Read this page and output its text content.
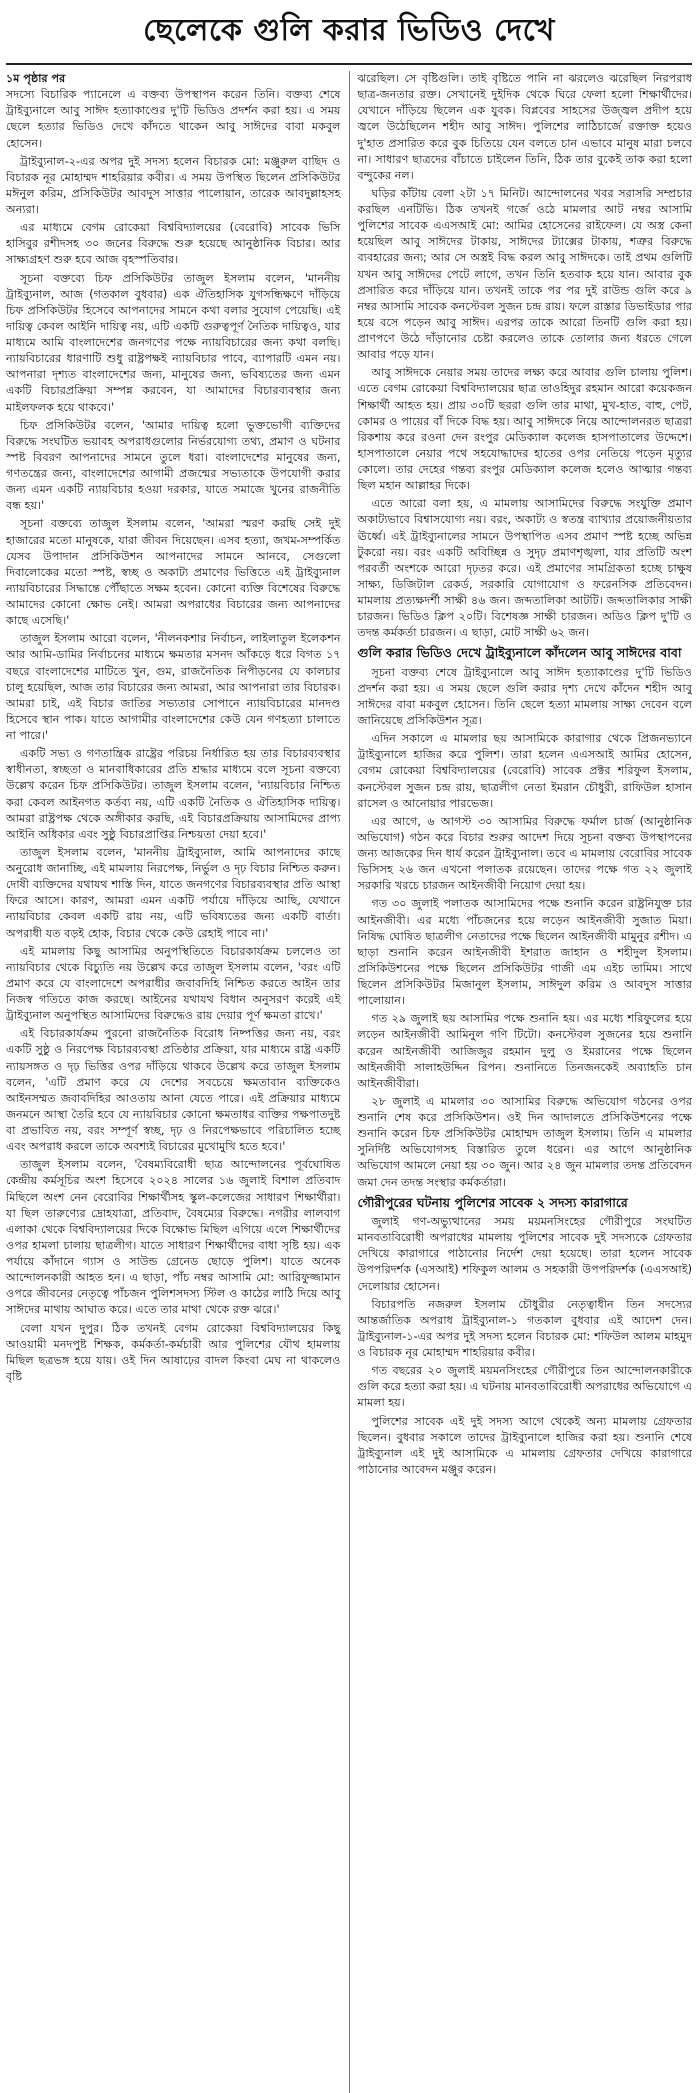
ছেলেকে গুলি করার ভিডিও দেখে

১ম পৃষ্ঠার পর
সদস্যে বিচারিক প্যানেলে এ বক্তব্য উপস্থাপন করেন তিনি। বক্তব্য শেষে ট্রাইব্যুনালে আবু সাঈদ হত্যাকাণ্ডের দু'টি ভিডিও প্রদর্শন করা হয়। এ সময় ছেলে হত্যার ভিডিও দেখে কাঁদতে থাকেন আবু সাঈদের বাবা মকবুল হোসেন।

ট্রাইব্যুনাল-২-এর অপর দুই সদস্য হলেন বিচারক মো: মঞ্জুরুল বাছিদ ও বিচারক নূর মোহাম্মদ শাহরিয়ার কবীর। এ সময় উপস্থিত ছিলেন প্রসিকিউটর মঈনুল করিম, প্রসিকিউটর আবদুস সাত্তার পালোয়ান, তারেক আবদুল্লাহসহ অন্যরা।

এর মাধ্যমে বেগম রোকেয়া বিশ্ববিদ্যালয়ের (বেরোবি) সাবেক ভিসি হাসিবুর রশীদসহ ৩০ জনের বিরুদ্ধে শুরু হয়েছে আনুষ্ঠানিক বিচার। আর সাক্ষ্যগ্রহণ শুরু হবে আজ বৃহস্পতিবার।

সূচনা বক্তব্যে চিফ প্রসিকিউটর তাজুল ইসলাম বলেন, 'মাননীয় ট্রাইব্যুনাল, আজ (গতকাল বুধবার) এক ঐতিহাসিক যুগসন্ধিক্ষণে দাঁড়িয়ে চিফ প্রসিকিউটর হিসেবে আপনাদের সামনে কথা বলার সুযোগ পেয়েছি। এই দায়িত্ব কেবল আইনি দায়িত্ব নয়, এটি একটি গুরুত্বপূর্ণ নৈতিক দায়িত্বও, যার মাধ্যমে আমি বাংলাদেশের জনগণের পক্ষে ন্যায়বিচারের জন্য কথা বলছি। ন্যায়বিচারের ধারণাটি শুধু রাষ্ট্রপক্ষই ন্যায়বিচার পাবে, ব্যাপারটি এমন নয়। আপনারা দৃশ্যত বাংলাদেশের জন্য, মানুষের জন্য, ভবিষ্যতের জন্য এমন একটি বিচারপ্রক্রিয়া সম্পন্ন করবেন, যা আমাদের বিচারব্যবস্থার জন্য মাইলফলক হয়ে থাকবে।'

চিফ প্রসিকিউটর বলেন, 'আমার দায়িত্ব হলো ভুক্তভোগী ব্যক্তিদের বিরুদ্ধে সংঘটিত ভয়াবহ অপরাধগুলোর নির্ভরযোগ্য তথ্য, প্রমাণ ও ঘটনার স্পষ্ট বিবরণ আপনাদের সামনে তুলে ধরা। বাংলাদেশের মানুষের জন্য, গণতন্ত্রের জন্য, বাংলাদেশের আগামী প্রজন্মের সভ্যতাকে উপযোগী করার জন্য এমন একটি ন্যায়বিচার হওয়া দরকার, যাতে সমাজে খুনের রাজনীতি বন্ধ হয়।'

সূচনা বক্তব্যে তাজুল ইসলাম বলেন, 'আমরা স্মরণ করছি সেই দুই হাজারের মতো মানুষকে, যারা জীবন দিয়েছেন। এসব হত্যা, জখম-সম্পর্কিত যেসব উপাদান প্রসিকিউশন আপনাদের সামনে আনবে, সেগুলো দিবালোকের মতো স্পষ্ট, স্বচ্ছ ও অকাট্য প্রমাণের ভিত্তিতে এই ট্রাইব্যুনাল ন্যায়বিচারের সিদ্ধান্তে পৌঁছাতে সক্ষম হবেন। কোনো ব্যক্তি বিশেষের বিরুদ্ধে আমাদের কোনো ক্ষোভ নেই। আমরা অপরাধের বিচারের জন্য আপনাদের কাছে এসেছি।'

তাজুল ইসলাম আরো বলেন, 'নীলনকশার নির্বাচন, লাইলাতুল ইলেকশন আর আমি-ডামির নির্বাচনের মাধ্যমে ক্ষমতার মসনদ আঁকড়ে ধরে বিগত ১৭ বছরে বাংলাদেশের মাটিতে খুন, গুম, রাজনৈতিক নিপীড়নের যে কালচার চালু হয়েছিল, আজ তার বিচারের জন্য আমরা, আর আপনারা তার বিচারক। আমরা চাই, এই বিচার জাতির সভ্যতার সোপানে ন্যায়বিচারের মানদণ্ড হিসেবে স্থান পাক। যাতে আগামীর বাংলাদেশের কেউ যেন গণহত্যা চালাতে না পারে।'

একটি সভ্য ও গণতান্ত্রিক রাষ্ট্রের পরিচয় নির্ধারিত হয় তার বিচারব্যবস্থার স্বাধীনতা, স্বচ্ছতা ও মানবাধিকারের প্রতি শ্রদ্ধার মাধ্যমে বলে সূচনা বক্তব্যে উল্লেখ করেন চিফ প্রসিকিউটর। তাজুল ইসলাম বলেন, 'ন্যায়বিচার নিশ্চিত করা কেবল আইনগত কর্তব্য নয়, এটি একটি নৈতিক ও ঐতিহাসিক দায়িত্ব। আমরা রাষ্ট্রপক্ষ থেকে অঙ্গীকার করছি, এই বিচারপ্রক্রিয়ায় আসামিদের প্রাপ্য আইনি অধিকার এবং সুষ্ঠু বিচারপ্রাপ্তির নিশ্চয়তা দেয়া হবে।'

তাজুল ইসলাম বলেন, 'মাননীয় ট্রাইব্যুনাল, আমি আপনাদের কাছে অনুরোধ জানাচ্ছি, এই মামলায় নিরপেক্ষ, নির্ভুল ও দৃঢ় বিচার নিশ্চিত করুন। দোষী ব্যক্তিদের যথাযথ শাস্তি দিন, যাতে জনগণের বিচারব্যবস্থার প্রতি আস্থা ফিরে আসে। কারণ, আমরা এমন একটি পর্যায়ে দাঁড়িয়ে আছি, যেখানে ন্যায়বিচার কেবল একটি রায় নয়, এটি ভবিষ্যতের জন্য একটি বার্তা। অপরাধী যত বড়ই হোক, বিচার থেকে কেউ রেহাই পাবে না।'

এই মামলায় কিছু আসামির অনুপস্থিতিতে বিচারকার্যক্রম চললেও তা ন্যায়বিচার থেকে বিচ্যুতি নয় উল্লেখ করে তাজুল ইসলাম বলেন, 'বরং এটি প্রমাণ করে যে বাংলাদেশে অপরাধীর জবাবদিহি নিশ্চিত করতে আইন তার নিজস্ব গতিতে কাজ করছে। আইনের যথাযথ বিধান অনুসরণ করেই এই ট্রাইব্যুনাল অনুপস্থিত আসামিদের বিরুদ্ধেও রায় দেয়ার পূর্ণ ক্ষমতা রাখে।'

এই বিচারকার্যক্রম পুরনো রাজনৈতিক বিরোধ নিষ্পত্তির জন্য নয়, বরং একটি সুষ্ঠু ও নিরপেক্ষ বিচারব্যবস্থা প্রতিষ্ঠার প্রক্রিয়া, যার মাধ্যমে রাষ্ট্র একটি ন্যায়সঙ্গত ও দৃঢ় ভিত্তির ওপর দাঁড়িয়ে থাকবে উল্লেখ করে তাজুল ইসলাম বলেন, 'এটি প্রমাণ করে যে দেশের সবচেয়ে ক্ষমতাবান ব্যক্তিকেও আইনসম্মত জবাবদিহির আওতায় আনা যেতে পারে। এই প্রক্রিয়ার মাধ্যমে জনমনে আস্থা তৈরি হবে যে ন্যায়বিচার কোনো ক্ষমতাধর ব্যক্তির পক্ষপাতদুষ্ট বা প্রভাবিত নয়, বরং সম্পূর্ণ স্বচ্ছ, দৃঢ় ও নিরপেক্ষভাবে পরিচালিত হচ্ছে এবং অপরাধ করলে তাকে অবশ্যই বিচারের মুখোমুখি হতে হবে।'

তাজুল ইসলাম বলেন, 'বৈষম্যবিরোধী ছাত্র আন্দোলনের পূর্বঘোষিত কেন্দ্রীয় কর্মসূচির অংশ হিসেবে ২০২৪ সালের ১৬ জুলাই বিশাল প্রতিবাদ মিছিলে অংশ নেন বেরোবির শিক্ষার্থীসহ স্কুল-কলেজের সাধারণ শিক্ষার্থীরা। যা ছিল তারুণ্যের দ্রোহযাত্রা, প্রতিবাদ, বৈষম্যের বিরুদ্ধে। নগরীর লালবাগ এলাকা থেকে বিশ্ববিদ্যালয়ের দিকে বিক্ষোভ মিছিল এগিয়ে এলে শিক্ষার্থীদের ওপর হামলা চালায় ছাত্রলীগ। যাতে সাধারণ শিক্ষার্থীদের বাধা সৃষ্টি হয়। এক পর্যায়ে কাঁদানে গ্যাস ও সাউন্ড গ্রেনেড ছোড়ে পুলিশ। যাতে অনেক আন্দোলনকারী আহত হন। এ ছাড়া, পাঁচ নম্বর আসামি মো: আরিফুজ্জামান ওপরে জীবনের নেতৃত্বে পাঁচজন পুলিশসদস্য স্টিল ও কাঠের লাঠি দিয়ে আবু সাঈদের মাথায় আঘাত করে। এতে তার মাথা থেকে রক্ত ঝরে।'

বেলা যখন দুপুর। ঠিক তখনই বেগম রোকেয়া বিশ্ববিদ্যালয়ের কিছু আওয়ামী মনদপুষ্ট শিক্ষক, কর্মকর্তা-কর্মচারী আর পুলিশের যৌথ হামলায় মিছিল ছত্রভঙ্গ হয়ে যায়। ওই দিন আষাঢ়ের বাদল কিংবা মেঘ না থাকলেও বৃষ্টি

ঝরেছিল। সে বৃষ্টিগুলি। তাই বৃষ্টিতে পানি না ঝরলেও ঝরেছিল নিরপরাধ ছাত্র-জনতার রক্ত। সেখানেই দুইদিক থেকে ঘিরে ফেলা হলো শিক্ষার্থীদের। যেখানে দাঁড়িয়ে ছিলেন এক যুবক। বিপ্লবের সাহসের উজ্জ্বল প্রদীপ হয়ে জ্বলে উঠেছিলেন শহীদ আবু সাঈদ। পুলিশের লাঠিচার্জে রক্তাক্ত হয়েও দু'হাত প্রসারিত করে বুক চিতিয়ে যেন বলতে চান এভাবে মানুষ মারা চলবে না। সাধারণ ছাত্রদের বাঁচাতে চাইলেন তিনি, ঠিক তার বুকেই তাক করা হলো বন্দুকের নল।

ঘড়ির কাঁটায় বেলা ২টা ১৭ মিনিট। আন্দোলনের খবর সরাসরি সম্প্রচার করছিল এনটিভি। ঠিক তখনই গর্জে ওঠে মামলার আট নম্বর আসামি পুলিশের সাবেক এএসআই মো: আমির হোসেনের রাইফেল। যে অস্ত্র কেনা হয়েছিল আবু সাঈদের টাকায়, সাঈদের ট্যাক্সের টাকায়, শত্রুর বিরুদ্ধে ব্যবহারের জন্য; আর সে অস্ত্রই বিদ্ধ করল আবু সাঈদকে। তাই প্রথম গুলিটি যখন আবু সাঈদের পেটে লাগে, তখন তিনি হতবাক হয়ে যান। আবার বুক প্রসারিত করে দাঁড়িয়ে যান। তখনই তাকে পর পর দুই রাউন্ড গুলি করে ৯ নম্বর আসামি সাবেক কনস্টেবল সুজন চন্দ্র রায়। ফলে রাস্তার ডিভাইডার পার হয়ে বসে পড়েন আবু সাঈদ। এরপর তাকে আরো তিনটি গুলি করা হয়। প্রাণপণে উঠে দাঁড়ানোর চেষ্টা করলেও তাকে তোলার জন্য ধরতে গেলে আবার পড়ে যান।

আবু সাঈদকে নেয়ার সময় তাদের লক্ষ্য করে আবার গুলি চালায় পুলিশ। এতে বেগম রোকেয়া বিশ্ববিদ্যালয়ের ছাত্র তাওহিদুর রহমান আরো কয়েকজন শিক্ষার্থী আহত হয়। প্রায় ৩০টি ছররা গুলি তার মাথা, মুখ-হাত, বাহু, পেট, কোমর ও পায়ের বাঁ দিকে বিদ্ধ হয়। আবু সাঈদকে নিয়ে আন্দোলনরত ছাত্ররা রিকশায় করে রওনা দেন রংপুর মেডিক্যাল কলেজ হাসপাতালের উদ্দেশে। হাসপাতালে নেয়ার পথে সহযোদ্ধাদের হাতের ওপর নেতিয়ে পড়েন মৃত্যুর কোলে। তার দেহের গন্তব্য রংপুর মেডিক্যাল কলেজ হলেও আত্মার গন্তব্য ছিল মহান আল্লাহর দিকে।

এতে আরো বলা হয়, এ মামলায় আসামিদের বিরুদ্ধে সংযুক্তি প্রমাণ অকাট্যভাবে বিশ্বাসযোগ্য নয়। বরং, অকাট্য ও স্বতন্ত্র ব্যাখ্যার প্রয়োজনীয়তার ঊর্ধ্বে। এই ট্রাইব্যুনালের সামনে উপস্থাপিত এসব প্রমাণ স্পষ্ট হচ্ছে অভিন্ন টুকরো নয়। বরং একটি অবিচ্ছিন্ন ও সুদৃঢ় প্রমাণশৃঙ্খলা, যার প্রতিটি অংশ পরবর্তী অংশকে আরো দৃঢ়তর করে। এই প্রমাণের সামগ্রিকতা হচ্ছে চাক্ষুষ সাক্ষ্য, ডিজিটাল রেকর্ড, সরকারি যোগাযোগ ও ফরেনসিক প্রতিবেদন। মামলায় প্রত্যক্ষদর্শী সাক্ষী ৪৬ জন। জব্দতালিকা আটটি। জব্দতালিকার সাক্ষী চারজন। ভিডিও ক্লিপ ২০টি। বিশেষজ্ঞ সাক্ষী চারজন। অডিও ক্লিপ দু'টি ও তদন্ত কর্মকর্তা চারজন। এ ছাড়া, মোট সাক্ষী ৬২ জন।

গুলি করার ভিডিও দেখে ট্রাইব্যুনালে কাঁদলেন আবু সাঈদের বাবা

সূচনা বক্তব্য শেষে ট্রাইব্যুনালে আবু সাঈদ হত্যাকাণ্ডের দু'টি ভিডিও প্রদর্শন করা হয়। এ সময় ছেলে গুলি করার দৃশ্য দেখে কাঁদেন শহীদ আবু সাঈদের বাবা মকবুল হোসেন। তিনি ছেলে হত্যা মামলায় সাক্ষ্য দেবেন বলে জানিয়েছে প্রসিকিউশন সূত্র।

এদিন সকালে এ মামলার ছয় আসামিকে কারাগার থেকে প্রিজনভ্যানে ট্রাইব্যুনালে হাজির করে পুলিশ। তারা হলেন এএসআই আমির হোসেন, বেগম রোকেয়া বিশ্ববিদ্যালয়ের (বেরোবি) সাবেক প্রক্টর শরিফুল ইসলাম, কনস্টেবল সুজন চন্দ্র রায়, ছাত্রলীগ নেতা ইমরান চৌধুরী, রাফিউল হাসান রাসেল ও আনোয়ার পারভেজ।

এর আগে, ৬ আগস্ট ৩০ আসামির বিরুদ্ধে ফর্মাল চার্জ (আনুষ্ঠানিক অভিযোগ) গঠন করে বিচার শুরুর আদেশ দিয়ে সূচনা বক্তব্য উপস্থাপনের জন্য আজকের দিন ধার্য করেন ট্রাইব্যুনাল। তবে এ মামলায় বেরোবির সাবেক ভিসিসহ ২৬ জন এখনো পলাতক রয়েছেন। তাদের পক্ষে গত ২২ জুলাই সরকারি খরচে চারজন আইনজীবী নিয়োগ দেয়া হয়।

গত ৩০ জুলাই পলাতক আসামিদের পক্ষে শুনানি করেন রাষ্ট্রনিযুক্ত চার আইনজীবী। এর মধ্যে পাঁচজনের হয়ে লড়েন আইনজীবী সুজাত মিয়া। নিষিদ্ধ ঘোষিত ছাত্রলীগ নেতাদের পক্ষে ছিলেন আইনজীবী মামুনুর রশীদ। এ ছাড়া শুনানি করেন আইনজীবী ইশরাত জাহান ও শহীদুল ইসলাম। প্রসিকিউশনের পক্ষে ছিলেন প্রসিকিউটর গাজী এম এইচ তামিম। সাথে ছিলেন প্রসিকিউটর মিজানুল ইসলাম, সাঈদুল করিম ও আবদুস সাত্তার পালোয়ান।

গত ২৯ জুলাই ছয় আসামির পক্ষে শুনানি হয়। এর মধ্যে শরিফুলের হয়ে লড়েন আইনজীবী আমিনুল গণি টিটো। কনস্টেবল সুজনের হয়ে শুনানি করেন আইনজীবী আজিজুর রহমান দুলু ও ইমরানের পক্ষে ছিলেন আইনজীবী সালাহউদ্দিন রিপন। শুনানিতে তিনজনকেই অব্যাহতি চান আইনজীবীরা।

২৮ জুলাই এ মামলার ৩০ আসামির বিরুদ্ধে অভিযোগ গঠনের ওপর শুনানি শেষ করে প্রসিকিউশন। ওই দিন আদালতে প্রসিকিউশনের পক্ষে শুনানি করেন চিফ প্রসিকিউটর মোহাম্মদ তাজুল ইসলাম। তিনি এ মামলার সুনির্দিষ্ট অভিযোগসহ বিস্তারিত তুলে ধরেন। এর আগে আনুষ্ঠানিক অভিযোগ আমলে নেয়া হয় ৩০ জুন। আর ২৪ জুন মামলার তদন্ত প্রতিবেদন জমা দেন তদন্ত সংস্থার কর্মকর্তারা।

গৌরীপুরের ঘটনায় পুলিশের সাবেক ২ সদস্য কারাগারে

জুলাই গণ-অভ্যুত্থানের সময় ময়মনসিংহের গৌরীপুরে সংঘটিত মানবতাবিরোধী অপরাধের মামলায় পুলিশের সাবেক দুই সদস্যকে গ্রেফতার দেখিয়ে কারাগারে পাঠানোর নির্দেশ দেয়া হয়েছে। তারা হলেন সাবেক উপপরিদর্শক (এসআই) শফিকুল আলম ও সহকারী উপপরিদর্শক (এএসআই) দেলোয়ার হোসেন।

বিচারপতি নজরুল ইসলাম চৌধুরীর নেতৃত্বাধীন তিন সদস্যের আন্তর্জাতিক অপরাধ ট্রাইব্যুনাল-১ গতকাল বুধবার এই আদেশ দেন। ট্রাইব্যুনাল-১-এর অপর দুই সদস্য হলেন বিচারক মো: শফিউল আলম মাহমুদ ও বিচারক নূর মোহাম্মদ শাহরিয়ার কবীর।

গত বছরের ২০ জুলাই ময়মনসিংহের গৌরীপুরে তিন আন্দোলনকারীকে গুলি করে হত্যা করা হয়। এ ঘটনায় মানবতাবিরোধী অপরাধের অভিযোগে এ মামলা হয়।

পুলিশের সাবেক এই দুই সদস্য আগে থেকেই অন্য মামলায় গ্রেফতার ছিলেন। বুধবার সকালে তাদের ট্রাইব্যুনালে হাজির করা হয়। শুনানি শেষে ট্রাইব্যুনাল এই দুই আসামিকে এ মামলায় গ্রেফতার দেখিয়ে কারাগারে পাঠানোর আবেদন মঞ্জুর করেন।
